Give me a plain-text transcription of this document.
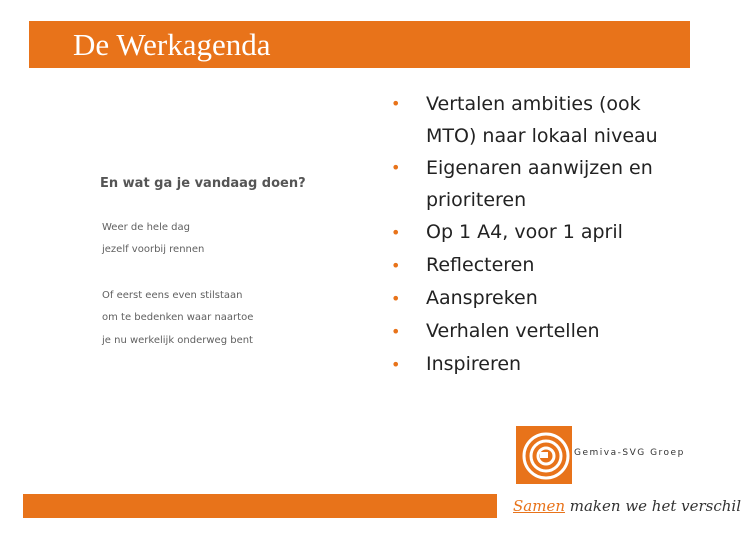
De Werkagenda
En wat ga je vandaag doen?
Weer de hele dag
jezelf voorbij rennen
Of eerst eens even stilstaan
om te bedenken waar naartoe
je nu werkelijk onderweg bent
• Vertalen ambities (ook MTO) naar lokaal niveau
• Eigenaren aanwijzen en prioriteren
• Op 1 A4, voor 1 april
• Reflecteren
• Aanspreken
• Verhalen vertellen
• Inspireren
Gemiva-SVG Groep
Samen maken we het verschil
